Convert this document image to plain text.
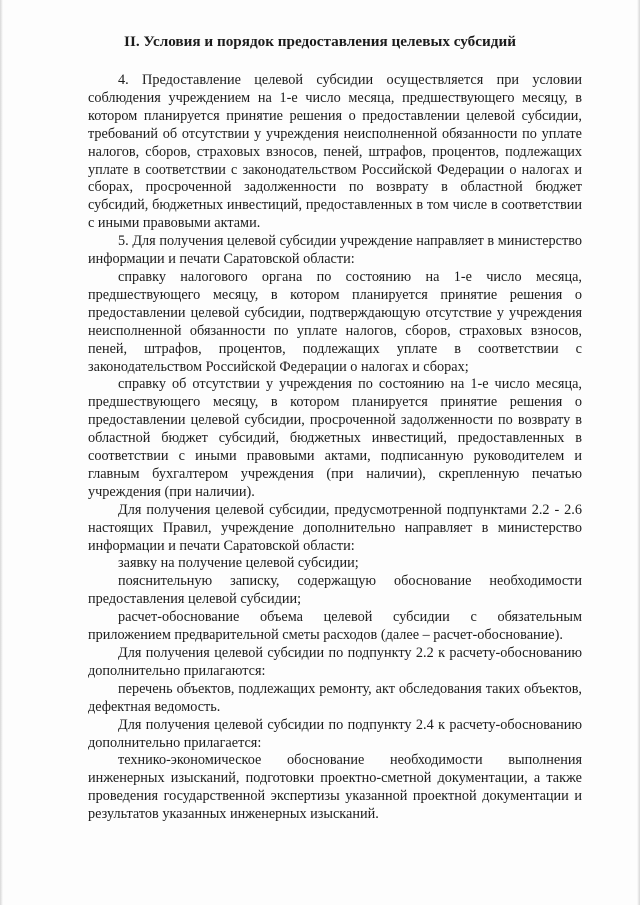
II. Условия и порядок предоставления целевых субсидий

4. Предоставление целевой субсидии осуществляется при условии соблюдения учреждением на 1-е число месяца, предшествующего месяцу, в котором планируется принятие решения о предоставлении целевой субсидии, требований об отсутствии у учреждения неисполненной обязанности по уплате налогов, сборов, страховых взносов, пеней, штрафов, процентов, подлежащих уплате в соответствии с законодательством Российской Федерации о налогах и сборах, просроченной задолженности по возврату в областной бюджет субсидий, бюджетных инвестиций, предоставленных в том числе в соответствии с иными правовыми актами.

5. Для получения целевой субсидии учреждение направляет в министерство информации и печати Саратовской области:

справку налогового органа по состоянию на 1-е число месяца, предшествующего месяцу, в котором планируется принятие решения о предоставлении целевой субсидии, подтверждающую отсутствие у учреждения неисполненной обязанности по уплате налогов, сборов, страховых взносов, пеней, штрафов, процентов, подлежащих уплате в соответствии с законодательством Российской Федерации о налогах и сборах;

справку об отсутствии у учреждения по состоянию на 1-е число месяца, предшествующего месяцу, в котором планируется принятие решения о предоставлении целевой субсидии, просроченной задолженности по возврату в областной бюджет субсидий, бюджетных инвестиций, предоставленных в соответствии с иными правовыми актами, подписанную руководителем и главным бухгалтером учреждения (при наличии), скрепленную печатью учреждения (при наличии).

Для получения целевой субсидии, предусмотренной подпунктами 2.2 - 2.6 настоящих Правил, учреждение дополнительно направляет в министерство информации и печати Саратовской области:

заявку на получение целевой субсидии;

пояснительную записку, содержащую обоснование необходимости предоставления целевой субсидии;

расчет-обоснование объема целевой субсидии с обязательным приложением предварительной сметы расходов (далее – расчет-обоснование).

Для получения целевой субсидии по подпункту 2.2 к расчету-обоснованию дополнительно прилагаются:

перечень объектов, подлежащих ремонту, акт обследования таких объектов, дефектная ведомость.

Для получения целевой субсидии по подпункту 2.4 к расчету-обоснованию дополнительно прилагается:

технико-экономическое обоснование необходимости выполнения инженерных изысканий, подготовки проектно-сметной документации, а также проведения государственной экспертизы указанной проектной документации и результатов указанных инженерных изысканий.
